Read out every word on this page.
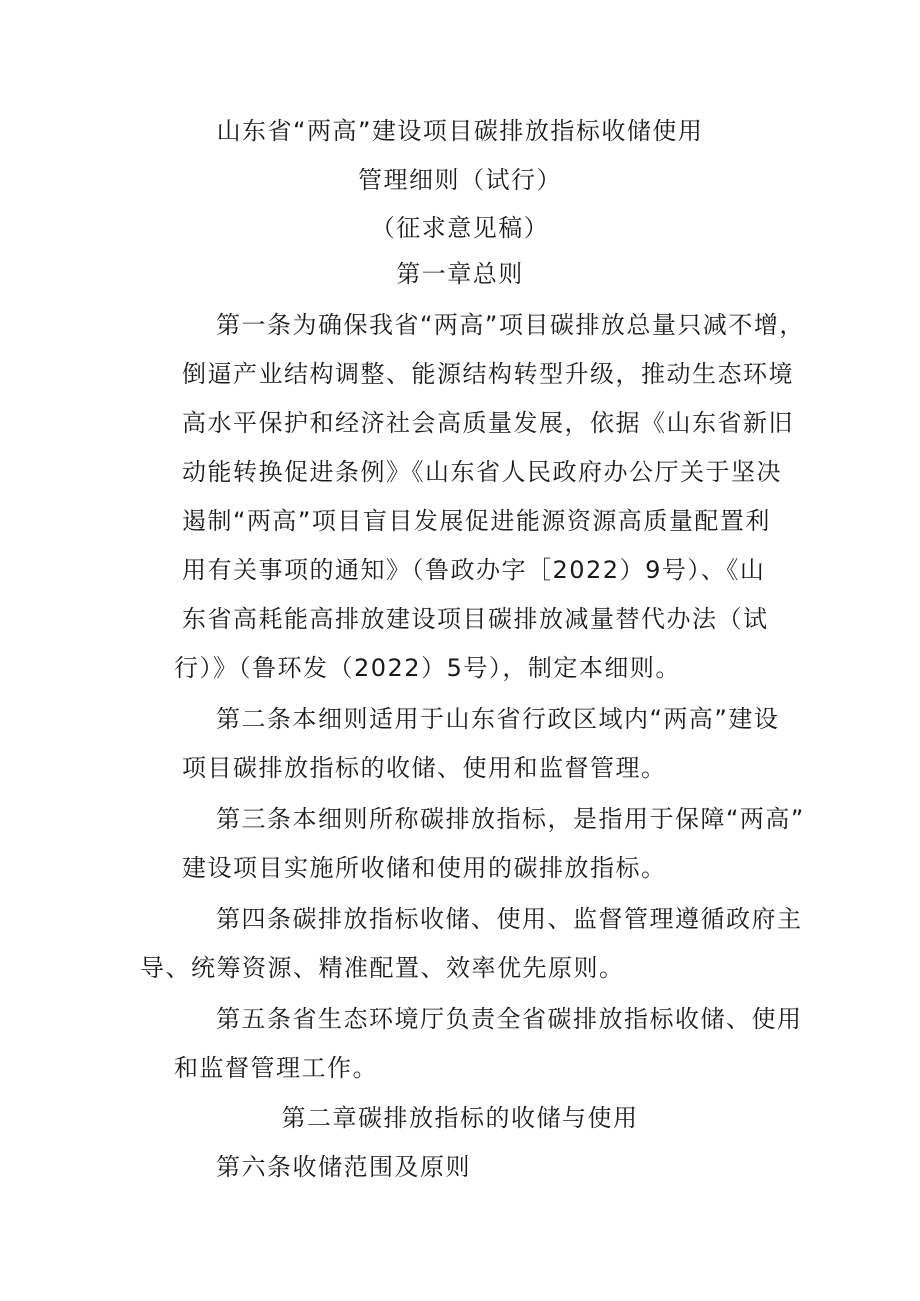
山东省“两高”建设项目碳排放指标收储使用
管理细则（试行）
（征求意见稿）
第一章总则
第一条为确保我省“两高”项目碳排放总量只减不增，
倒逼产业结构调整、能源结构转型升级，推动生态环境
高水平保护和经济社会高质量发展，依据《山东省新旧
动能转换促进条例》《山东省人民政府办公厅关于坚决
遏制“两高”项目盲目发展促进能源资源高质量配置利
用有关事项的通知》（鲁政办字［2022）9号）、《山
东省高耗能高排放建设项目碳排放减量替代办法（试
行）》（鲁环发（2022）5号），制定本细则。
第二条本细则适用于山东省行政区域内“两高”建设
项目碳排放指标的收储、使用和监督管理。
第三条本细则所称碳排放指标，是指用于保障“两高”
建设项目实施所收储和使用的碳排放指标。
第四条碳排放指标收储、使用、监督管理遵循政府主
导、统筹资源、精准配置、效率优先原则。
第五条省生态环境厅负责全省碳排放指标收储、使用
和监督管理工作。
第二章碳排放指标的收储与使用
第六条收储范围及原则
